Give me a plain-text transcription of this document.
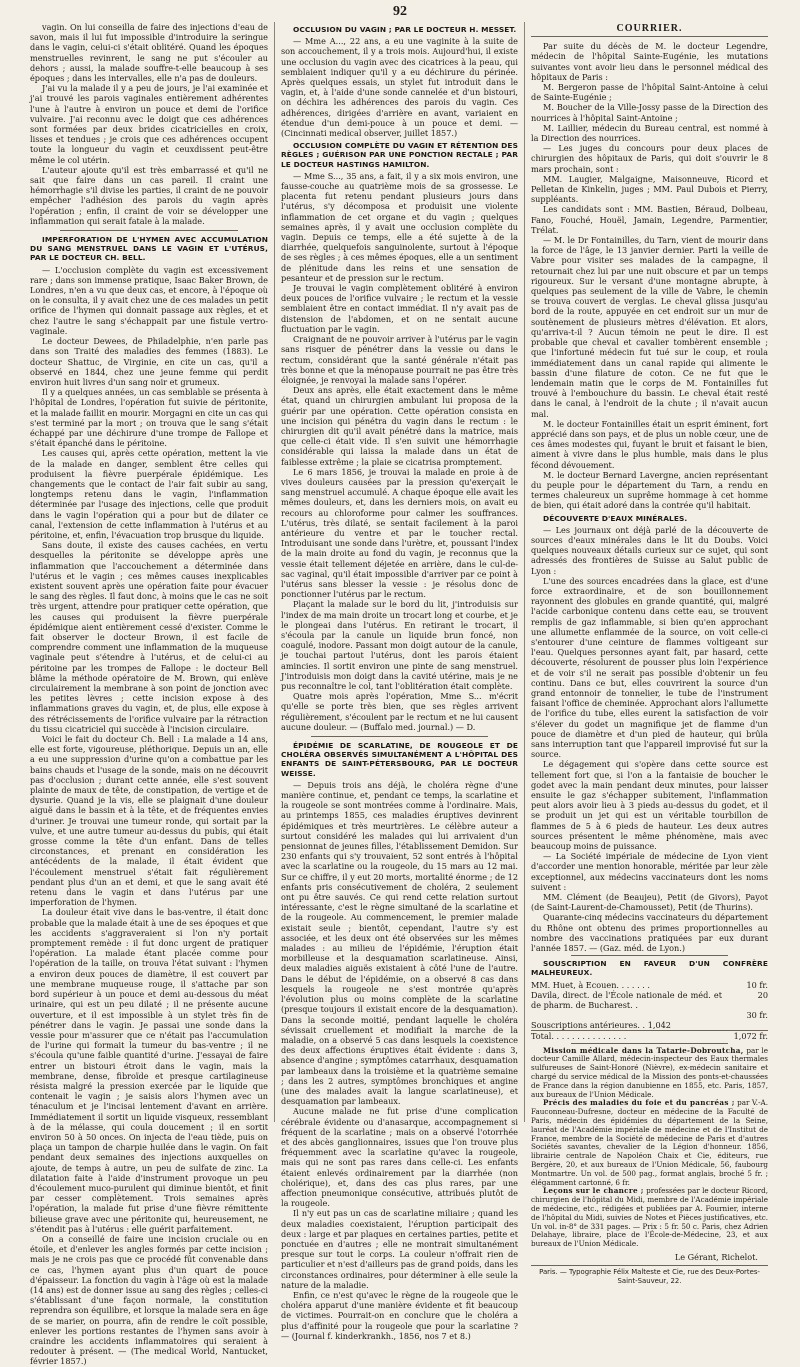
92

vagin. On lui conseilla de faire des injections d'eau de savon, mais il lui fut impossible d'introduire la seringue dans le vagin, celui-ci s'était oblitéré. Quand les époques menstruelles revinrent, le sang ne put s'écouler au dehors ; aussi, la malade souffre-t-elle beaucoup à ses époques ; dans les intervalles, elle n'a pas de douleurs.

J'ai vu la malade il y a peu de jours, je l'ai examinée et j'ai trouvé les parois vaginales entièrement adhérentes l'une à l'autre à environ un pouce et demi de l'orifice vulvaire. J'ai reconnu avec le doigt que ces adhérences sont formées par deux brides cicatricielles en croix, lisses et tendues ; je crois que ces adhérences occupent toute la longueur du vagin et ceuxdissent peut-être même le col utérin.

L'auteur ajoute qu'il est très embarrassé et qu'il ne sait que faire dans un cas pareil. Il craint une hémorrhagie s'il divise les parties, il craint de ne pouvoir empêcher l'adhésion des parois du vagin après l'opération ; enfin, il craint de voir se développer une inflammation qui serait fatale à la malade.

IMPERFORATION DE L'HYMEN AVEC ACCUMULATION DU SANG MENSTRUEL DANS LE VAGIN ET L'UTÉRUS, PAR LE DOCTEUR CH. BELL.

— L'occlusion complète du vagin est excessivement rare ; dans son immense pratique, Isaac Baker Brown, de Londres, n'en a vu que deux cas, et encore, à l'époque où on le consulta, il y avait chez une de ces malades un petit orifice de l'hymen qui donnait passage aux règles, et et chez l'autre le sang s'échappait par une fistule vertro-vaginale.

Le docteur Dewees, de Philadelphie, n'en parle pas dans son Traité des maladies des femmes (1883). Le docteur Shattuc, de Virginie, en cite un cas, qu'il a observé en 1844, chez une jeune femme qui perdit environ huit livres d'un sang noir et grumeux.

Il y a quelques années, un cas semblable se présenta à l'hôpital de Londres, l'opération fut suivie de péritonite, et la malade faillit en mourir. Morgagni en cite un cas qui s'est terminé par la mort ; on trouva que le sang s'était échappé par une déchirure d'une trompe de Fallope et s'était épanché dans le péritoine.

Les causes qui, après cette opération, mettent la vie de la malade en danger, semblent être celles qui produisent la fièvre puerpérale épidémique. Les changements que le contact de l'air fait subir au sang, longtemps retenu dans le vagin, l'inflammation déterminée par l'usage des injections, celle que produit dans le vagin l'opération qui a pour but de dilater ce canal, l'extension de cette inflammation à l'utérus et au péritoine, et, enfin, l'évacuation trop brusque du liquide.

Sans doute, il existe des causes cachées, en vertu desquelles la péritonite se développe après une inflammation que l'accouchement a déterminée dans l'utérus et le vagin ; ces mêmes causes inexplicables existent souvent après une opération faite pour évacuer le sang des règles. Il faut donc, à moins que le cas ne soit très urgent, attendre pour pratiquer cette opération, que les causes qui produisent la fièvre puerpérale épidémique aient entièrement cessé d'exister. Comme le fait observer le docteur Brown, il est facile de comprendre comment une inflammation de la muqueuse vaginale peut s'étendre à l'utérus, et de celui-ci au péritoine par les trompes de Fallope : le docteur Bell blâme la méthode opératoire de M. Brown, qui enlève circulairement la membrane à son point de jonction avec les petites lèvres ; cette incision expose à des inflammations graves du vagin, et, de plus, elle expose à des rétrécissements de l'orifice vulvaire par la rétraction du tissu cicatriciel qui succède à l'incision circulaire.

Voici le fait du docteur Ch. Bell : La malade a 14 ans, elle est forte, vigoureuse, pléthorique. Depuis un an, elle a eu une suppression d'urine qu'on a combattue par les bains chauds et l'usage de la sonde, mais on ne découvrit pas d'occlusion ; durant cette année, elle s'est souvent plainte de maux de tête, de constipation, de vertige et de dysurie. Quand je la vis, elle se plaignait d'une douleur aiguë dans le bassin et à la tête, et de fréquentes envies d'uriner. Je trouvai une tumeur ronde, qui sortait par la vulve, et une autre tumeur au-dessus du pubis, qui était grosse comme la tête d'un enfant. Dans de telles circonstances, et prenant en considération les antécédents de la malade, il était évident que l'écoulement menstruel s'était fait régulièrement pendant plus d'un an et demi, et que le sang avait été retenu dans le vagin et dans l'utérus par une imperforation de l'hymen.

La douleur était vive dans le bas-ventre, il était donc probable que la malade était à une de ses époques et que les accidents s'aggraveraient si l'on n'y portait promptement remède : il fut donc urgent de pratiquer l'opération. La malade étant placée comme pour l'opération de la taille, on trouva l'état suivant : l'hymen a environ deux pouces de diamètre, il est couvert par une membrane muqueuse rouge, il s'attache par son bord supérieur à un pouce et demi au-dessous du méat urinaire, qui est un peu dilaté ; il ne présente aucune ouverture, et il est impossible à un stylet très fin de pénétrer dans le vagin. Je passai une sonde dans la vessie pour m'assurer que ce n'était pas l'accumulation de l'urine qui formait la tumeur du bas-ventre ; il ne s'écoula qu'une faible quantité d'urine. J'essayai de faire entrer un bistouri étroit dans le vagin, mais la membrane, dense, fibroïde et presque cartilagineuse résista malgré la pression exercée par le liquide que contenait le vagin ; je saisis alors l'hymen avec un ténaculum et je l'incisai lentement d'avant en arrière. Immédiatement il sortit un liquide visqueux, ressemblant à de la mélasse, qui coula doucement ; il en sortit environ 50 à 50 onces. On injecta de l'eau tiède, puis on plaça un tampon de charpie huilée dans le vagin. On fait pendant deux semaines des injections auxquelles on ajoute, de temps à autre, un peu de sulfate de zinc. La dilatation faite à l'aide d'instrument provoque un peu d'écoulement muco-purulent qui diminue bientôt, et finit par cesser complètement. Trois semaines après l'opération, la malade fut prise d'une fièvre rémittente bilieuse grave avec une péritonite qui, heureusement, ne s'étendit pas à l'utérus : elle guérit parfaitement.

On a conseillé de faire une incision cruciale ou en étoile, et d'enlever les angles formés par cette incision ; mais je ne crois pas que ce procédé fût convenable dans ce cas, l'hymen ayant plus d'un quart de pouce d'épaisseur. La fonction du vagin à l'âge où est la malade (14 ans) est de donner issue au sang des règles ; celles-ci s'établissant d'une façon normale, la constitution reprendra son équilibre, et lorsque la malade sera en âge de se marier, on pourra, afin de rendre le coït possible, enlever les portions restantes de l'hymen sans avoir à craindre les accidents inflammatoires qui seraient à redouter à présent. — (The medical World, Nantucket, février 1857.)

OCCLUSION DU VAGIN ; PAR LE DOCTEUR H. MESSET.

— Mme A..., 22 ans, a eu une vaginite à la suite de son accouchement, il y a trois mois. Aujourd'hui, il existe une occlusion du vagin avec des cicatrices à la peau, qui semblaient indiquer qu'il y a eu déchirure du périnée. Après quelques essais, un stylet fut introduit dans le vagin, et, à l'aide d'une sonde cannelée et d'un bistouri, on déchira les adhérences des parois du vagin. Ces adhérences, dirigées d'arrière en avant, variaient en étendue d'un demi-pouce à un pouce et demi. — (Cincinnati medical observer, juillet 1857.)

OCCLUSION COMPLÈTE DU VAGIN ET RÉTENTION DES RÈGLES ; GUÉRISON PAR UNE PONCTION RECTALE ; PAR LE DOCTEUR HASTINGS HAMILTON.

— Mme S..., 35 ans, a fait, il y a six mois environ, une fausse-couche au quatrième mois de sa grossesse. Le placenta fut retenu pendant plusieurs jours dans l'utérus, s'y décomposa et produisit une violente inflammation de cet organe et du vagin ; quelques semaines après, il y avait une occlusion complète du vagin. Depuis ce temps, elle a été sujette à de la diarrhée, quelquefois sanguinolente, surtout à l'époque de ses règles ; à ces mêmes époques, elle a un sentiment de plénitude dans les reins et une sensation de pesanteur et de pression sur le rectum.

Je trouvai le vagin complètement oblitéré à environ deux pouces de l'orifice vulvaire ; le rectum et la vessie semblaient être en contact immédiat. Il n'y avait pas de distension de l'abdomen, et on ne sentait aucune fluctuation par le vagin.

Craignant de ne pouvoir arriver à l'utérus par le vagin sans risquer de pénétrer dans la vessie ou dans le rectum, considérant que la santé générale n'était pas très bonne et que la ménopause pourrait ne pas être très éloignée, je renvoyai la malade sans l'opérer.

Deux ans après, elle était exactement dans le même état, quand un chirurgien ambulant lui proposa de la guérir par une opération. Cette opération consista en une incision qui pénétra du vagin dans le rectum : le chirurgien dit qu'il avait pénétré dans la matrice, mais que celle-ci était vide. Il s'en suivit une hémorrhagie considérable qui laissa la malade dans un état de faiblesse extrême ; la plaie se cicatrisa promptement.

Le 6 mars 1856, je trouvai la malade en proie à de vives douleurs causées par la pression qu'exerçait le sang menstruel accumulé. A chaque époque elle avait les mêmes douleurs, et, dans les derniers mois, on avait eu recours au chloroforme pour calmer les souffrances. L'utérus, très dilaté, se sentait facilement à la paroi antérieure du ventre et par le toucher rectal. Introduisant une sonde dans l'urètre, et, poussant l'index de la main droite au fond du vagin, je reconnus que la vessie était tellement déjetée en arrière, dans le cul-de-sac vaginal, qu'il était impossible d'arriver par ce point à l'utérus sans blesser la vessie : je résolus donc de ponctionner l'utérus par le rectum.

Plaçant la malade sur le bord du lit, j'introduisis sur l'index de ma main droite un trocart long et courbe, et je le plongeai dans l'utérus. En retirant le trocart, il s'écoula par la canule un liquide brun foncé, non coagulé, inodore. Passant mon doigt autour de la canule, je touchai partout l'utérus, dont les parois étaient amincies. Il sortit environ une pinte de sang menstruel. J'introduisis mon doigt dans la cavité utérine, mais je ne pus reconnaître le col, tant l'oblitération était complète.

Quatre mois après l'opération, Mme S... m'écrit qu'elle se porte très bien, que ses règles arrivent régulièrement, s'écoulent par le rectum et ne lui causent aucune douleur. — (Buffalo med. journal.) — D.

ÉPIDÉMIE DE SCARLATINE, DE ROUGEOLE ET DE CHOLÉRA OBSERVÉS SIMULTANÉMENT A L'HÔPITAL DES ENFANTS DE SAINT-PÉTERSBOURG, PAR LE DOCTEUR WEISSE.

— Depuis trois ans déjà, le choléra règne d'une manière continue, et, pendant ce temps, la scarlatine et la rougeole se sont montrées comme à l'ordinaire. Mais, au printemps 1855, ces maladies éruptives devinrent épidémiques et très meurtrières. Le célèbre auteur a surtout considéré les malades qui lui arrivaient d'un pensionnat de jeunes filles, l'établissement Demidon. Sur 230 enfants qui s'y trouvaient, 52 sont entrés à l'hôpital avec la scarlatine ou la rougeole, du 15 mars au 12 mai. Sur ce chiffre, il y eut 20 morts, mortalité énorme ; de 12 enfants pris consécutivement de choléra, 2 seulement ont pu être sauvés. Ce qui rend cette relation surtout intéressante, c'est le règne simultané de la scarlatine et de la rougeole. Au commencement, le premier malade existait seule ; bientôt, cependant, l'autre s'y est associée, et les deux ont été observées sur les mêmes malades : au milieu de l'épidémie, l'éruption était morbilleuse et la desquamation scarlatineuse. Ainsi, deux maladies aiguës existaient à côté l'une de l'autre. Dans le début de l'épidémie, on a observé 8 cas dans lesquels la rougeole ne s'est montrée qu'après l'évolution plus ou moins complète de la scarlatine (presque toujours il existait encore de la desquamation). Dans la seconde moitié, pendant laquelle le choléra sévissait cruellement et modifiait la marche de la maladie, on a observé 5 cas dans lesquels la coexistence des deux affections éruptives était évidente : dans 3, absence d'angine ; symptômes catarrhaux, desquamation par lambeaux dans la troisième et la quatrième semaine ; dans les 2 autres, symptômes bronchiques et angine (une des malades avait la langue scarlatineuse), et desquamation par lambeaux.

Aucune malade ne fut prise d'une complication cérébrale évidente ou d'anasarque, accompagnement si fréquent de la scarlatine ; mais on a observé l'otorrhée et des abcès ganglionnaires, issues que l'on trouve plus fréquemment avec la scarlatine qu'avec la rougeole, mais qui ne sont pas rares dans celle-ci. Les enfants étaient enlevés ordinairement par la diarrhée (non cholérique), et, dans des cas plus rares, par une affection pneumonique consécutive, attribués plutôt de la rougeole.

Il n'y eut pas un cas de scarlatine miliaire ; quand les deux maladies coexistaient, l'éruption participait des deux : large et par plaques en certaines parties, petite et ponctuée en d'autres ; elle ne montrait simultanément presque sur tout le corps. La couleur n'offrait rien de particulier et n'est d'ailleurs pas de grand poids, dans les circonstances ordinaires, pour déterminer à elle seule la nature de la maladie.

Enfin, ce n'est qu'avec le règne de la rougeole que le choléra apparut d'une manière évidente et fit beaucoup de victimes. Pourrait-on en conclure que le choléra a plus d'affinité pour la rougeole que pour la scarlatine ? — (Journal f. kinderkrankh., 1856, nos 7 et 8.)

COURRIER.

Par suite du décès de M. le docteur Legendre, médecin de l'hôpital Sainte-Eugénie, les mutations suivantes vont avoir lieu dans le personnel médical des hôpitaux de Paris :

M. Bergeron passe de l'hôpital Saint-Antoine à celui de Sainte-Eugénie ;

M. Boucher de la Ville-Jossy passe de la Direction des nourrices à l'hôpital Saint-Antoine ;

M. Laillier, médecin du Bureau central, est nommé à la Direction des nourrices.

— Les juges du concours pour deux places de chirurgien des hôpitaux de Paris, qui doit s'ouvrir le 8 mars prochain, sont :

MM. Laugier, Malgaigne, Maisonneuve, Ricord et Pelletan de Kinkelin, juges ; MM. Paul Dubois et Pierry, suppléants.

Les candidats sont : MM. Bastien, Béraud, Dolbeau, Fano, Fouché, Houël, Jamain, Legendre, Parmentier, Trélat.

— M. le Dr Fontainilles, du Tarn, vient de mourir dans la force de l'âge, le 13 janvier dernier. Parti la veille de Vabre pour visiter ses malades de la campagne, il retournait chez lui par une nuit obscure et par un temps rigoureux. Sur le versant d'une montagne abrupte, à quelques pas seulement de la ville de Vabre, le chemin se trouva couvert de verglas. Le cheval glissa jusqu'au bord de la route, appuyée en cet endroit sur un mur de soutènement de plusieurs mètres d'élévation. Et alors, qu'arriva-t-il ? Aucun témoin ne peut le dire. Il est probable que cheval et cavalier tombèrent ensemble ; que l'infortuné médecin fut tué sur le coup, et roula immédiatement dans un canal rapide qui alimente le bassin d'une filature de coton. Ce ne fut que le lendemain matin que le corps de M. Fontainilles fut trouvé à l'embouchure du bassin. Le cheval était resté dans le canal, à l'endroit de la chute ; il n'avait aucun mal.

M. le docteur Fontainilles était un esprit éminent, fort apprécié dans son pays, et de plus un noble cœur, une de ces âmes modestes qui, fuyant le bruit et faisant le bien, aiment à vivre dans le plus humble, mais dans le plus fécond dévouement.

M. le docteur Bernard Lavergne, ancien représentant du peuple pour le département du Tarn, a rendu en termes chaleureux un suprême hommage à cet homme de bien, qui était adoré dans la contrée qu'il habitait.

DÉCOUVERTE D'EAUX MINÉRALES.

— Les journaux ont déjà parlé de la découverte de sources d'eaux minérales dans le lit du Doubs. Voici quelques nouveaux détails curieux sur ce sujet, qui sont adressés des frontières de Suisse au Salut public de Lyon :

L'une des sources encadrées dans la glace, est d'une force extraordinaire, et de son bouillonnement rayonnent des globules en grande quantité, qui, malgré l'acide carbonique contenu dans cette eau, se trouvent remplis de gaz inflammable, si bien qu'en approchant une allumette enflammée de la source, on voit celle-ci s'entourer d'une ceinture de flammes voltigeant sur l'eau. Quelques personnes ayant fait, par hasard, cette découverte, résolurent de pousser plus loin l'expérience et de voir s'il ne serait pas possible d'obtenir un feu continu. Dans ce but, elles couvrirent la source d'un grand entonnoir de tonnelier, le tube de l'instrument faisant l'office de cheminée. Approchant alors l'allumette de l'orifice du tube, elles eurent la satisfaction de voir s'élever du godet un magnifique jet de flamme d'un pouce de diamètre et d'un pied de hauteur, qui brûla sans interruption tant que l'appareil improvisé fut sur la source.

Le dégagement qui s'opère dans cette source est tellement fort que, si l'on a la fantaisie de boucher le godet avec la main pendant deux minutes, pour laisser ensuite le gaz s'échapper subitement, l'inflammation peut alors avoir lieu à 3 pieds au-dessus du godet, et il se produit un jet qui est un véritable tourbillon de flammes de 5 à 6 pieds de hauteur. Les deux autres sources présentent le même phénomène, mais avec beaucoup moins de puissance.

— La Société impériale de médecine de Lyon vient d'accorder une mention honorable, méritée par leur zèle exceptionnel, aux médecins vaccinateurs dont les noms suivent :

MM. Clément (de Beaujeu), Petit (de Givors), Payot (de Saint-Laurent-de-Chamousset), Petit (de Thurins).

Quarante-cinq médecins vaccinateurs du département du Rhône ont obtenu des primes proportionnelles au nombre des vaccinations pratiquées par eux durant l'année 1857. — (Gaz. méd. de Lyon.)

SOUSCRIPTION EN FAVEUR D'UN CONFRÈRE MALHEUREUX.
MM. Huet, à Ecouen. . . . . . .	10 fr.
Davila, direct. de l'École nationale de méd. et de pharm. de Bucharest. .	20
	30 fr.
Souscriptions antérieures. . 1,042	
Total. . . . . . . . . . . . . . .	1,072 fr.

Mission médicale dans la Tatarie-Dobroutcha, par le docteur Camille Allard, médecin-inspecteur des Eaux thermales sulfureuses de Saint-Honoré (Nièvre), ex-médecin sanitaire et chargé du service médical de la Mission des ponts-et-chaussées de France dans la région danubienne en 1855, etc. Paris, 1857, aux bureaux de l'Union Médicale.

Précis des maladies du foie et du pancréas ; par V.-A. Fauconneau-Dufresne, docteur en médecine de la Faculté de Paris, médecin des épidémies du département de la Seine, lauréat de l'Académie impériale de médecine et de l'Institut de France, membre de la Société de médecine de Paris et d'autres Sociétés savantes, chevalier de la Légion d'honneur. 1856, librairie centrale de Napoléon Chaix et Cie, éditeurs, rue Bergère, 20, et aux bureaux de l'Union Médicale, 56, faubourg Montmartre. Un vol. de 500 pag., format anglais, broché 5 fr. ; élégamment cartonné, 6 fr.

Leçons sur le chancre ; professées par le docteur Ricord, chirurgien de l'hôpital du Midi, membre de l'Académie impériale de médecine, etc., rédigées et publiées par A. Fournier, interne de l'hôpital du Midi, suivies de Notes et Pièces justificatives, etc. Un vol. in-8° de 331 pages. — Prix : 5 fr. 50 c. Paris, chez Adrien Delahaye, libraire, place de l'École-de-Médecine, 23, et aux bureaux de l'Union Médicale.

Le Gérant, Richelot.
Paris. — Typographie Félix Malteste et Cie, rue des Deux-Portes-Saint-Sauveur, 22.
